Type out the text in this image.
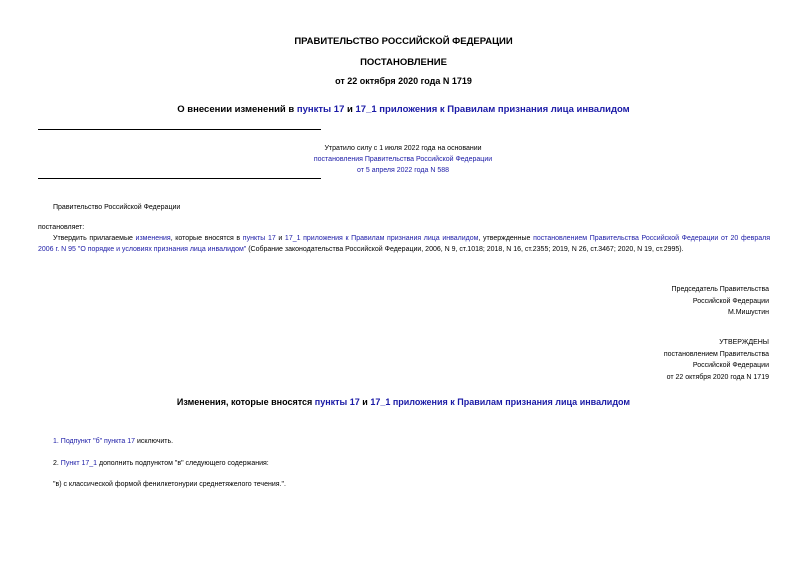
ПРАВИТЕЛЬСТВО РОССИЙСКОЙ ФЕДЕРАЦИИ
ПОСТАНОВЛЕНИЕ
от 22 октября 2020 года N 1719
О внесении изменений в пункты 17 и 17_1 приложения к Правилам признания лица инвалидом
Утратило силу с 1 июля 2022 года на основании
постановления Правительства Российской Федерации
от 5 апреля 2022 года N 588
Правительство Российской Федерации
постановляет:
Утвердить прилагаемые изменения, которые вносятся в пункты 17 и 17_1 приложения к Правилам признания лица инвалидом, утвержденные постановлением Правительства Российской Федерации от 20 февраля 2006 г. N 95 "О порядке и условиях признания лица инвалидом" (Собрание законодательства Российской Федерации, 2006, N 9, ст.1018; 2018, N 16, ст.2355; 2019, N 26, ст.3467; 2020, N 19, ст.2995).
Председатель Правительства
Российской Федерации
М.Мишустин
УТВЕРЖДЕНЫ
постановлением Правительства
Российской Федерации
от 22 октября 2020 года N 1719
Изменения, которые вносятся пункты 17 и 17_1 приложения к Правилам признания лица инвалидом
1. Подпункт "б" пункта 17 исключить.
2. Пункт 17_1 дополнить подпунктом "в" следующего содержания:
"в) с классической формой фенилкетонурии среднетяжелого течения.".
